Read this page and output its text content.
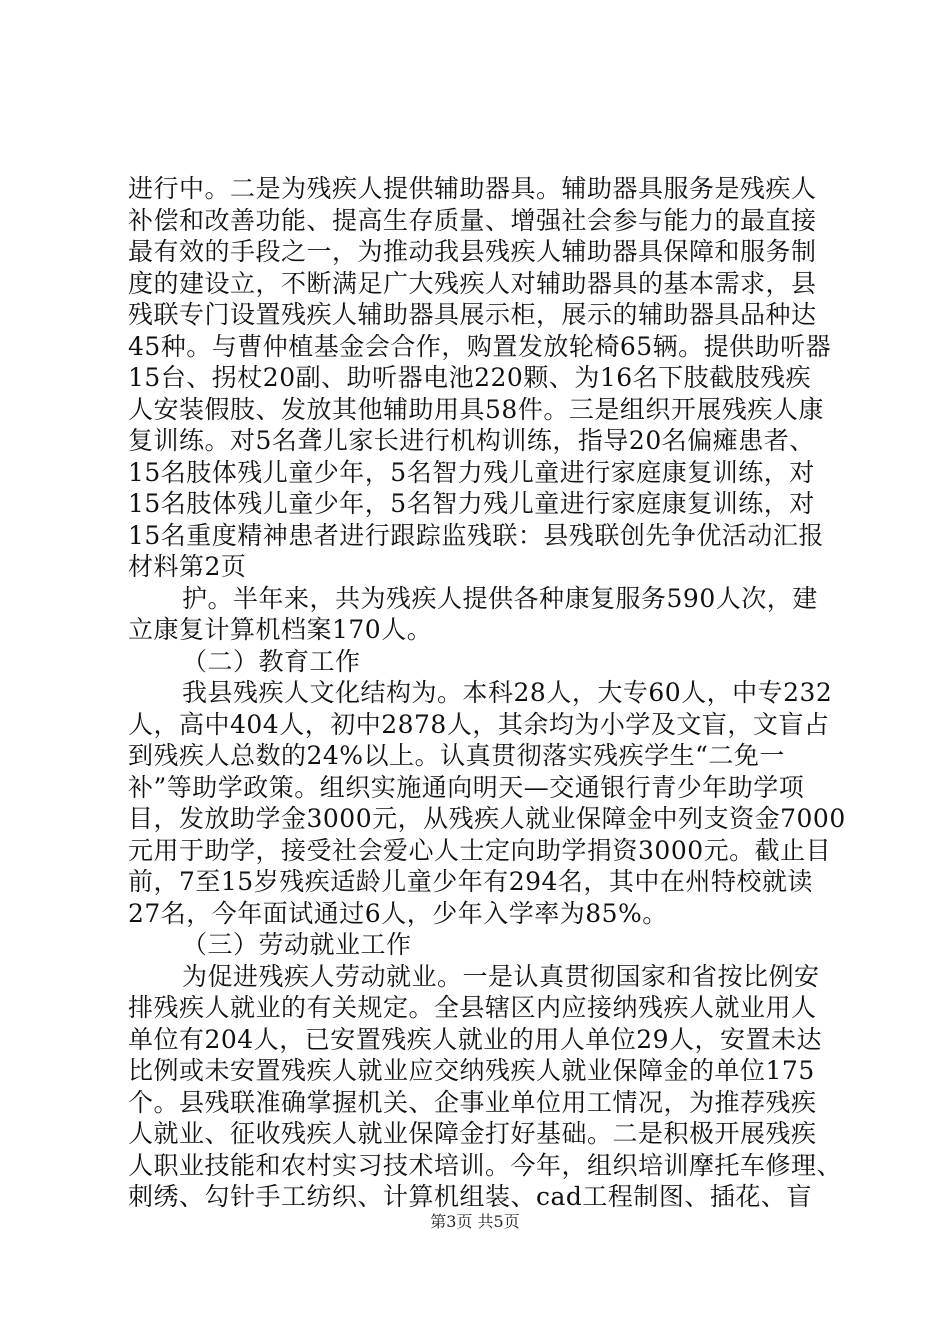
进行中。二是为残疾人提供辅助器具。辅助器具服务是残疾人
补偿和改善功能、提高生存质量、增强社会参与能力的最直接
最有效的手段之一，为推动我县残疾人辅助器具保障和服务制
度的建设立，不断满足广大残疾人对辅助器具的基本需求，县
残联专门设置残疾人辅助器具展示柜，展示的辅助器具品种达
45种。与曹仲植基金会合作，购置发放轮椅65辆。提供助听器
15台、拐杖20副、助听器电池220颗、为16名下肢截肢残疾
人安装假肢、发放其他辅助用具58件。三是组织开展残疾人康
复训练。对5名聋儿家长进行机构训练，指导20名偏瘫患者、
15名肢体残儿童少年，5名智力残儿童进行家庭康复训练，对
15名肢体残儿童少年，5名智力残儿童进行家庭康复训练，对
15名重度精神患者进行跟踪监残联：县残联创先争优活动汇报
材料第2页
护。半年来，共为残疾人提供各种康复服务590人次，建
立康复计算机档案170人。
（二）教育工作
我县残疾人文化结构为。本科28人，大专60人，中专232
人，高中404人，初中2878人，其余均为小学及文盲，文盲占
到残疾人总数的24%以上。认真贯彻落实残疾学生“二免一
补”等助学政策。组织实施通向明天—交通银行青少年助学项
目，发放助学金3000元，从残疾人就业保障金中列支资金7000
元用于助学，接受社会爱心人士定向助学捐资3000元。截止目
前，7至15岁残疾适龄儿童少年有294名，其中在州特校就读
27名，今年面试通过6人，少年入学率为85%。
（三）劳动就业工作
为促进残疾人劳动就业。一是认真贯彻国家和省按比例安
排残疾人就业的有关规定。全县辖区内应接纳残疾人就业用人
单位有204人，已安置残疾人就业的用人单位29人，安置未达
比例或未安置残疾人就业应交纳残疾人就业保障金的单位175
个。县残联准确掌握机关、企事业单位用工情况，为推荐残疾
人就业、征收残疾人就业保障金打好基础。二是积极开展残疾
人职业技能和农村实习技术培训。今年，组织培训摩托车修理、
刺绣、勾针手工纺织、计算机组装、cad工程制图、插花、盲
第3页 共5页
